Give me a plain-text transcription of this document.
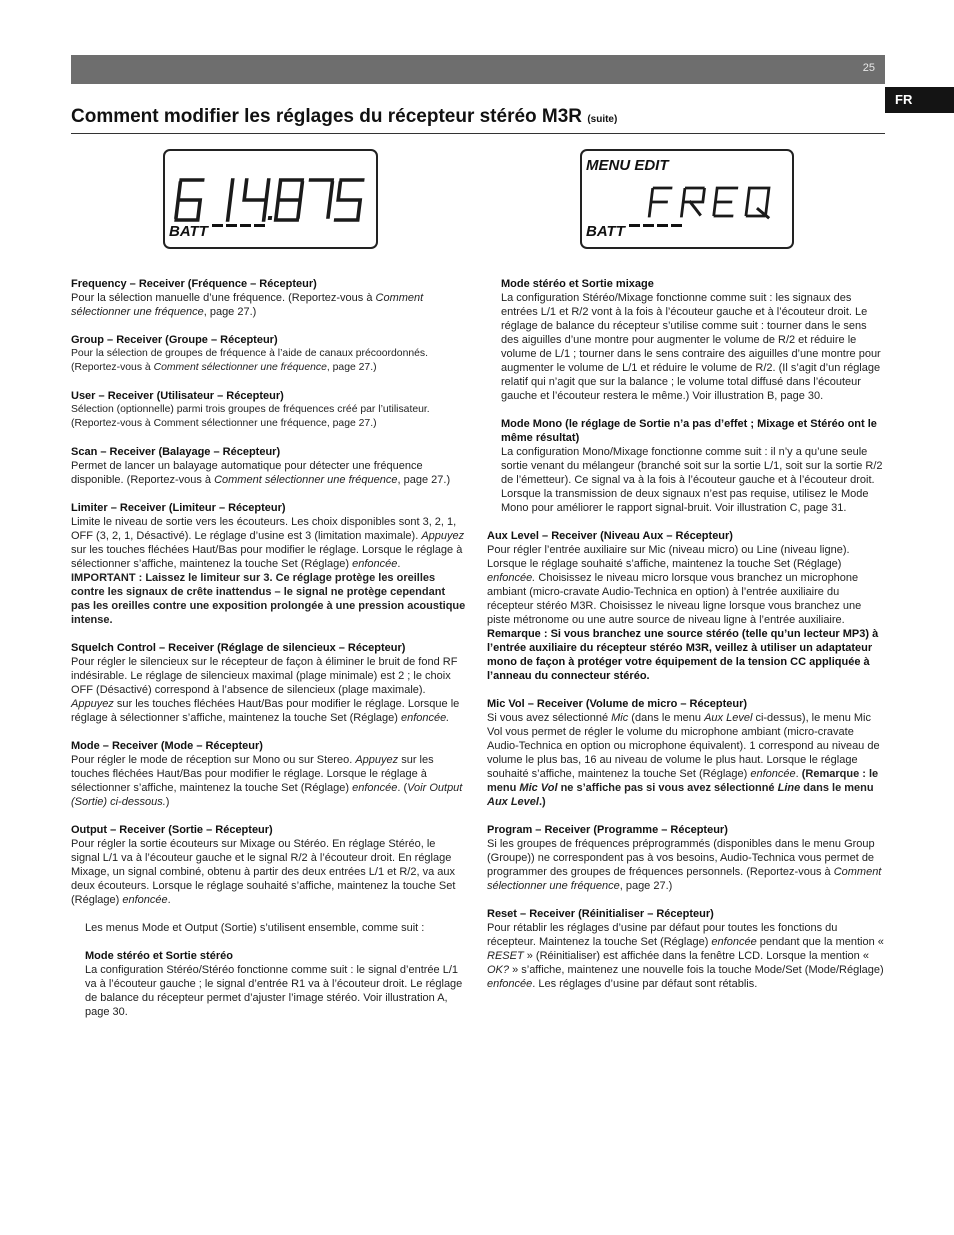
25
FR
Comment modifier les réglages du récepteur stéréo M3R (suite)
614.875
BATT
MENU EDIT
FREQ
BATT

Frequency – Receiver (Fréquence – Récepteur)

Pour la sélection manuelle d’une fréquence. (Reportez-vous à Comment sélectionner une fréquence, page 27.)

Group – Receiver (Groupe – Récepteur)

Pour la sélection de groupes de fréquence à l’aide de canaux précoordonnés. (Reportez-vous à Comment sélectionner une fréquence, page 27.)

User – Receiver (Utilisateur – Récepteur)

Sélection (optionnelle) parmi trois groupes de fréquences créé par l’utilisateur. (Reportez-vous à Comment sélectionner une fréquence, page 27.)

Scan – Receiver (Balayage – Récepteur)

Permet de lancer un balayage automatique pour détecter une fréquence disponible. (Reportez-vous à Comment sélectionner une fréquence, page 27.)

Limiter – Receiver (Limiteur – Récepteur)

Limite le niveau de sortie vers les écouteurs. Les choix disponibles sont 3, 2, 1, OFF (3, 2, 1, Désactivé). Le réglage d’usine est 3 (limitation maximale). Appuyez sur les touches fléchées Haut/Bas pour modifier le réglage. Lorsque le réglage à sélectionner s’affiche, maintenez la touche Set (Réglage) enfoncée. IMPORTANT : Laissez le limiteur sur 3. Ce réglage protège les oreilles contre les signaux de crête inattendus – le signal ne protège cependant pas les oreilles contre une exposition prolongée à une pression acoustique intense.

Squelch Control – Receiver (Réglage de silencieux – Récepteur)

Pour régler le silencieux sur le récepteur de façon à éliminer le bruit de fond RF indésirable. Le réglage de silencieux maximal (plage minimale) est 2 ; le choix OFF (Désactivé) correspond à l’absence de silencieux (plage maximale). Appuyez sur les touches fléchées Haut/Bas pour modifier le réglage. Lorsque le réglage à sélectionner s’affiche, maintenez la touche Set (Réglage) enfoncée.

Mode – Receiver (Mode – Récepteur)

Pour régler le mode de réception sur Mono ou sur Stereo. Appuyez sur les touches fléchées Haut/Bas pour modifier le réglage. Lorsque le réglage à sélectionner s’affiche, maintenez la touche Set (Réglage) enfoncée. (Voir Output (Sortie) ci-dessous.)

Output – Receiver (Sortie – Récepteur)

Pour régler la sortie écouteurs sur Mixage ou Stéréo. En réglage Stéréo, le signal L/1 va à l’écouteur gauche et le signal R/2 à l’écouteur droit. En réglage Mixage, un signal combiné, obtenu à partir des deux entrées L/1 et R/2, va aux deux écouteurs. Lorsque le réglage souhaité s’affiche, maintenez la touche Set (Réglage) enfoncée.

Les menus Mode et Output (Sortie) s’utilisent ensemble, comme suit :

Mode stéréo et Sortie stéréo

La configuration Stéréo/Stéréo fonctionne comme suit : le signal d’entrée L/1 va à l’écouteur gauche ; le signal d’entrée R1 va à l’écouteur droit. Le réglage de balance du récepteur permet d’ajuster l’image stéréo. Voir illustration A, page 30.

Mode stéréo et Sortie mixage

La configuration Stéréo/Mixage fonctionne comme suit : les signaux des entrées L/1 et R/2 vont à la fois à l’écouteur gauche et à l’écouteur droit. Le réglage de balance du récepteur s’utilise comme suit : tourner dans le sens des aiguilles d’une montre pour augmenter le volume de R/2 et réduire le volume de L/1 ; tourner dans le sens contraire des aiguilles d’une montre pour augmenter le volume de L/1 et réduire le volume de R/2. (Il s’agit d’un réglage relatif qui n’agit que sur la balance ; le volume total diffusé dans l’écouteur gauche et l’écouteur restera le même.) Voir illustration B, page 30.

Mode Mono (le réglage de Sortie n’a pas d’effet ; Mixage et Stéréo ont le même résultat)

La configuration Mono/Mixage fonctionne comme suit : il n’y a qu’une seule sortie venant du mélangeur (branché soit sur la sortie L/1, soit sur la sortie R/2 de l’émetteur). Ce signal va à la fois à l’écouteur gauche et à l’écouteur droit. Lorsque la transmission de deux signaux n’est pas requise, utilisez le Mode Mono pour améliorer le rapport signal-bruit. Voir illustration C, page 31.

Aux Level – Receiver (Niveau Aux – Récepteur)

Pour régler l’entrée auxiliaire sur Mic (niveau micro) ou Line (niveau ligne). Lorsque le réglage souhaité s’affiche, maintenez la touche Set (Réglage) enfoncée. Choisissez le niveau micro lorsque vous branchez un microphone ambiant (micro-cravate Audio-Technica en option) à l’entrée auxiliaire du récepteur stéréo M3R. Choisissez le niveau ligne lorsque vous branchez une piste métronome ou une autre source de niveau ligne à l’entrée auxiliaire.

Remarque : Si vous branchez une source stéréo (telle qu’un lecteur MP3) à l’entrée auxiliaire du récepteur stéréo M3R, veillez à utiliser un adaptateur mono de façon à protéger votre équipement de la tension CC appliquée à l’anneau du connecteur stéréo.

Mic Vol – Receiver (Volume de micro – Récepteur)

Si vous avez sélectionné Mic (dans le menu Aux Level ci-dessus), le menu Mic Vol vous permet de régler le volume du microphone ambiant (micro-cravate Audio-Technica en option ou microphone équivalent). 1 correspond au niveau de volume le plus bas, 16 au niveau de volume le plus haut. Lorsque le réglage souhaité s’affiche, maintenez la touche Set (Réglage) enfoncée. (Remarque : le menu Mic Vol ne s’affiche pas si vous avez sélectionné Line dans le menu Aux Level.)

Program – Receiver (Programme – Récepteur)

Si les groupes de fréquences préprogrammés (disponibles dans le menu Group (Groupe)) ne correspondent pas à vos besoins, Audio-Technica vous permet de programmer des groupes de fréquences personnels. (Reportez-vous à Comment sélectionner une fréquence, page 27.)

Reset – Receiver (Réinitialiser – Récepteur)

Pour rétablir les réglages d’usine par défaut pour toutes les fonctions du récepteur. Maintenez la touche Set (Réglage) enfoncée pendant que la mention « RESET » (Réinitialiser) est affichée dans la fenêtre LCD. Lorsque la mention « OK? » s’affiche, maintenez une nouvelle fois la touche Mode/Set (Mode/Réglage) enfoncée. Les réglages d’usine par défaut sont rétablis.
